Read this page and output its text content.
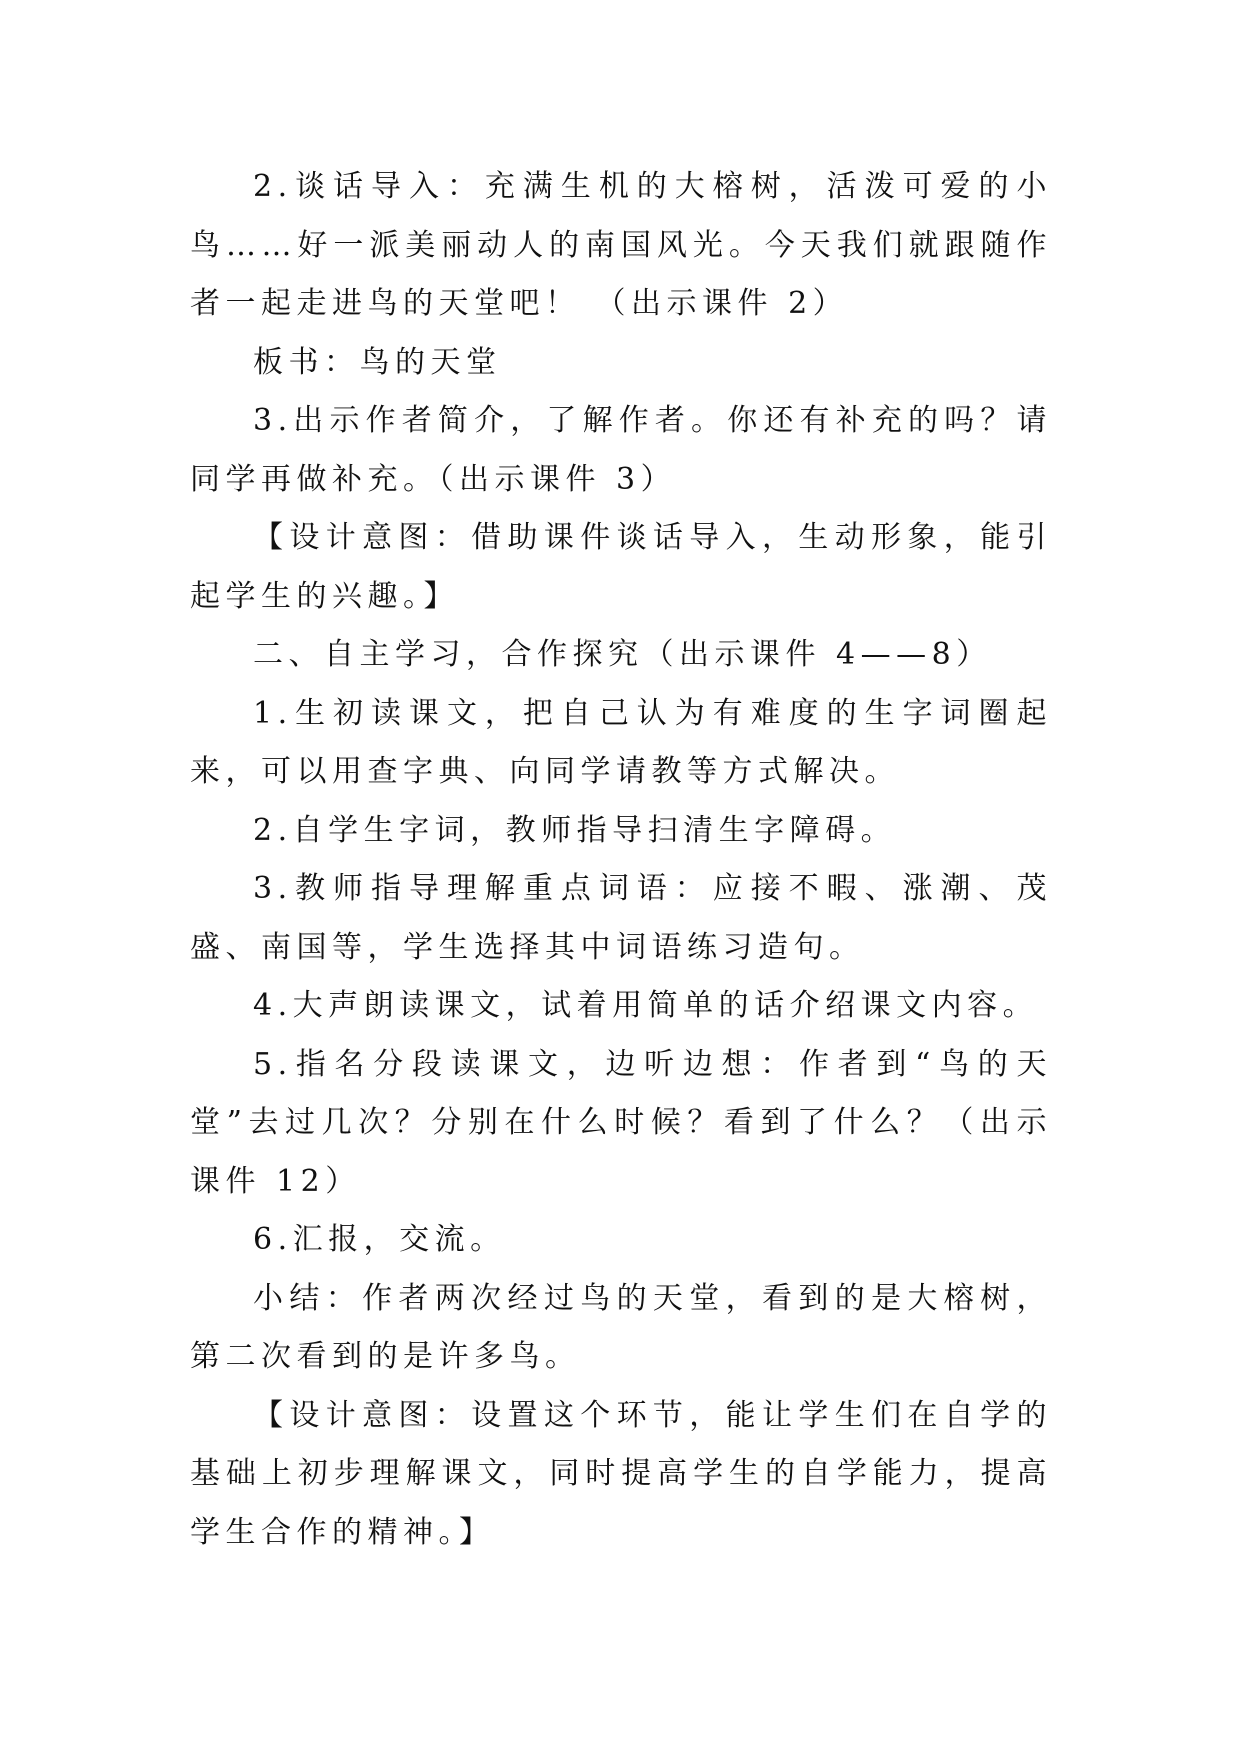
2.谈话导入：充满生机的大榕树，活泼可爱的小鸟……好一派美丽动人的南国风光。今天我们就跟随作者一起走进鸟的天堂吧！ （出示课件 2）

板书：鸟的天堂

3.出示作者简介，了解作者。你还有补充的吗？请同学再做补充。（出示课件 3）

【设计意图：借助课件谈话导入，生动形象，能引起学生的兴趣。】

二、自主学习，合作探究（出示课件 4——8）

1.生初读课文，把自己认为有难度的生字词圈起来，可以用查字典、向同学请教等方式解决。

2.自学生字词，教师指导扫清生字障碍。

3.教师指导理解重点词语：应接不暇、涨潮、茂盛、南国等，学生选择其中词语练习造句。

4.大声朗读课文，试着用简单的话介绍课文内容。

5.指名分段读课文，边听边想：作者到“鸟的天堂”去过几次？分别在什么时候？看到了什么？（出示课件 12）

6.汇报，交流。

小结：作者两次经过鸟的天堂，看到的是大榕树，第二次看到的是许多鸟。

【设计意图：设置这个环节，能让学生们在自学的基础上初步理解课文，同时提高学生的自学能力，提高学生合作的精神。】
